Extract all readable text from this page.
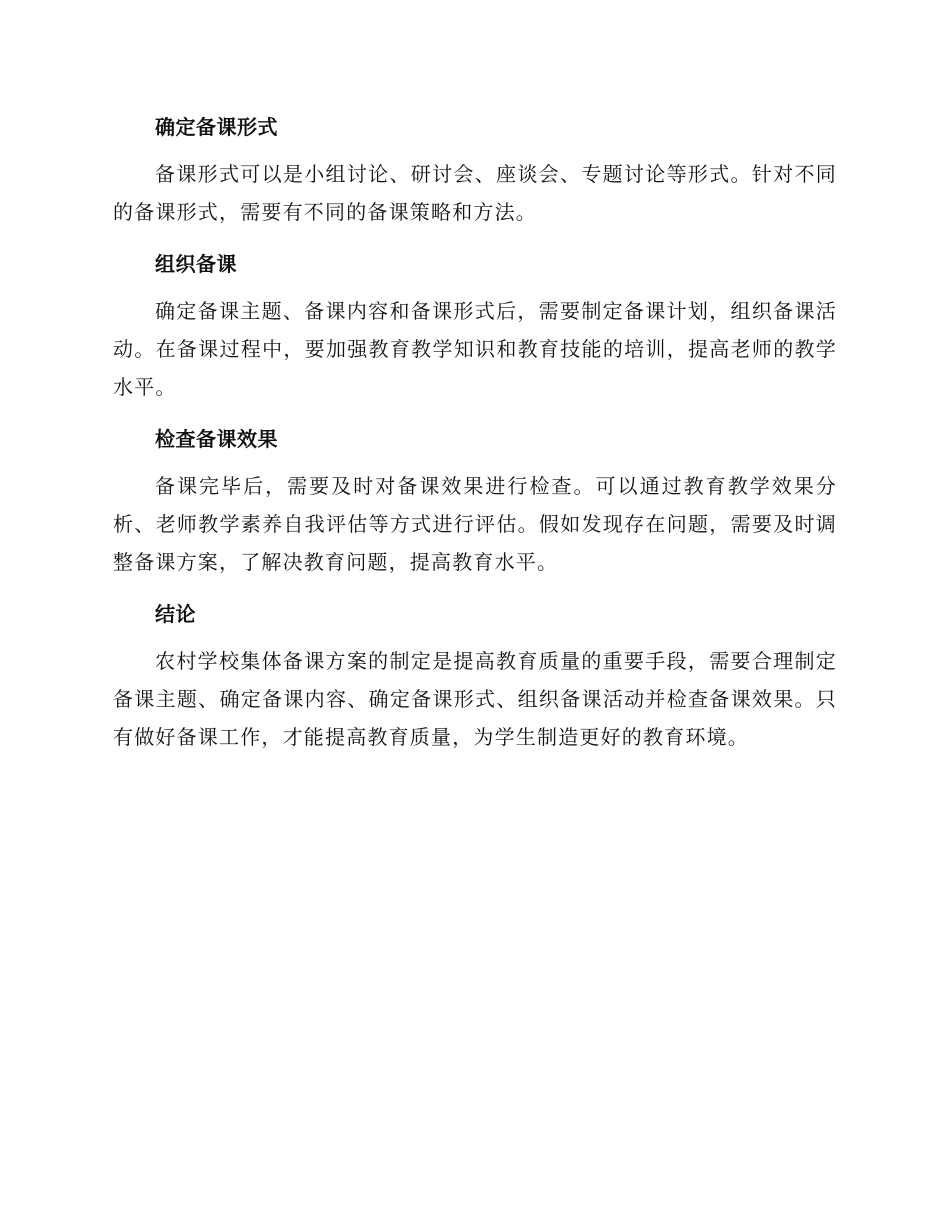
确定备课形式

备课形式可以是小组讨论、研讨会、座谈会、专题讨论等形式。针对不同的备课形式，需要有不同的备课策略和方法。

组织备课

确定备课主题、备课内容和备课形式后，需要制定备课计划，组织备课活动。在备课过程中，要加强教育教学知识和教育技能的培训，提高老师的教学水平。

检查备课效果

备课完毕后，需要及时对备课效果进行检查。可以通过教育教学效果分析、老师教学素养自我评估等方式进行评估。假如发现存在问题，需要及时调整备课方案，了解决教育问题，提高教育水平。

结论

农村学校集体备课方案的制定是提高教育质量的重要手段，需要合理制定备课主题、确定备课内容、确定备课形式、组织备课活动并检查备课效果。只有做好备课工作，才能提高教育质量，为学生制造更好的教育环境。
